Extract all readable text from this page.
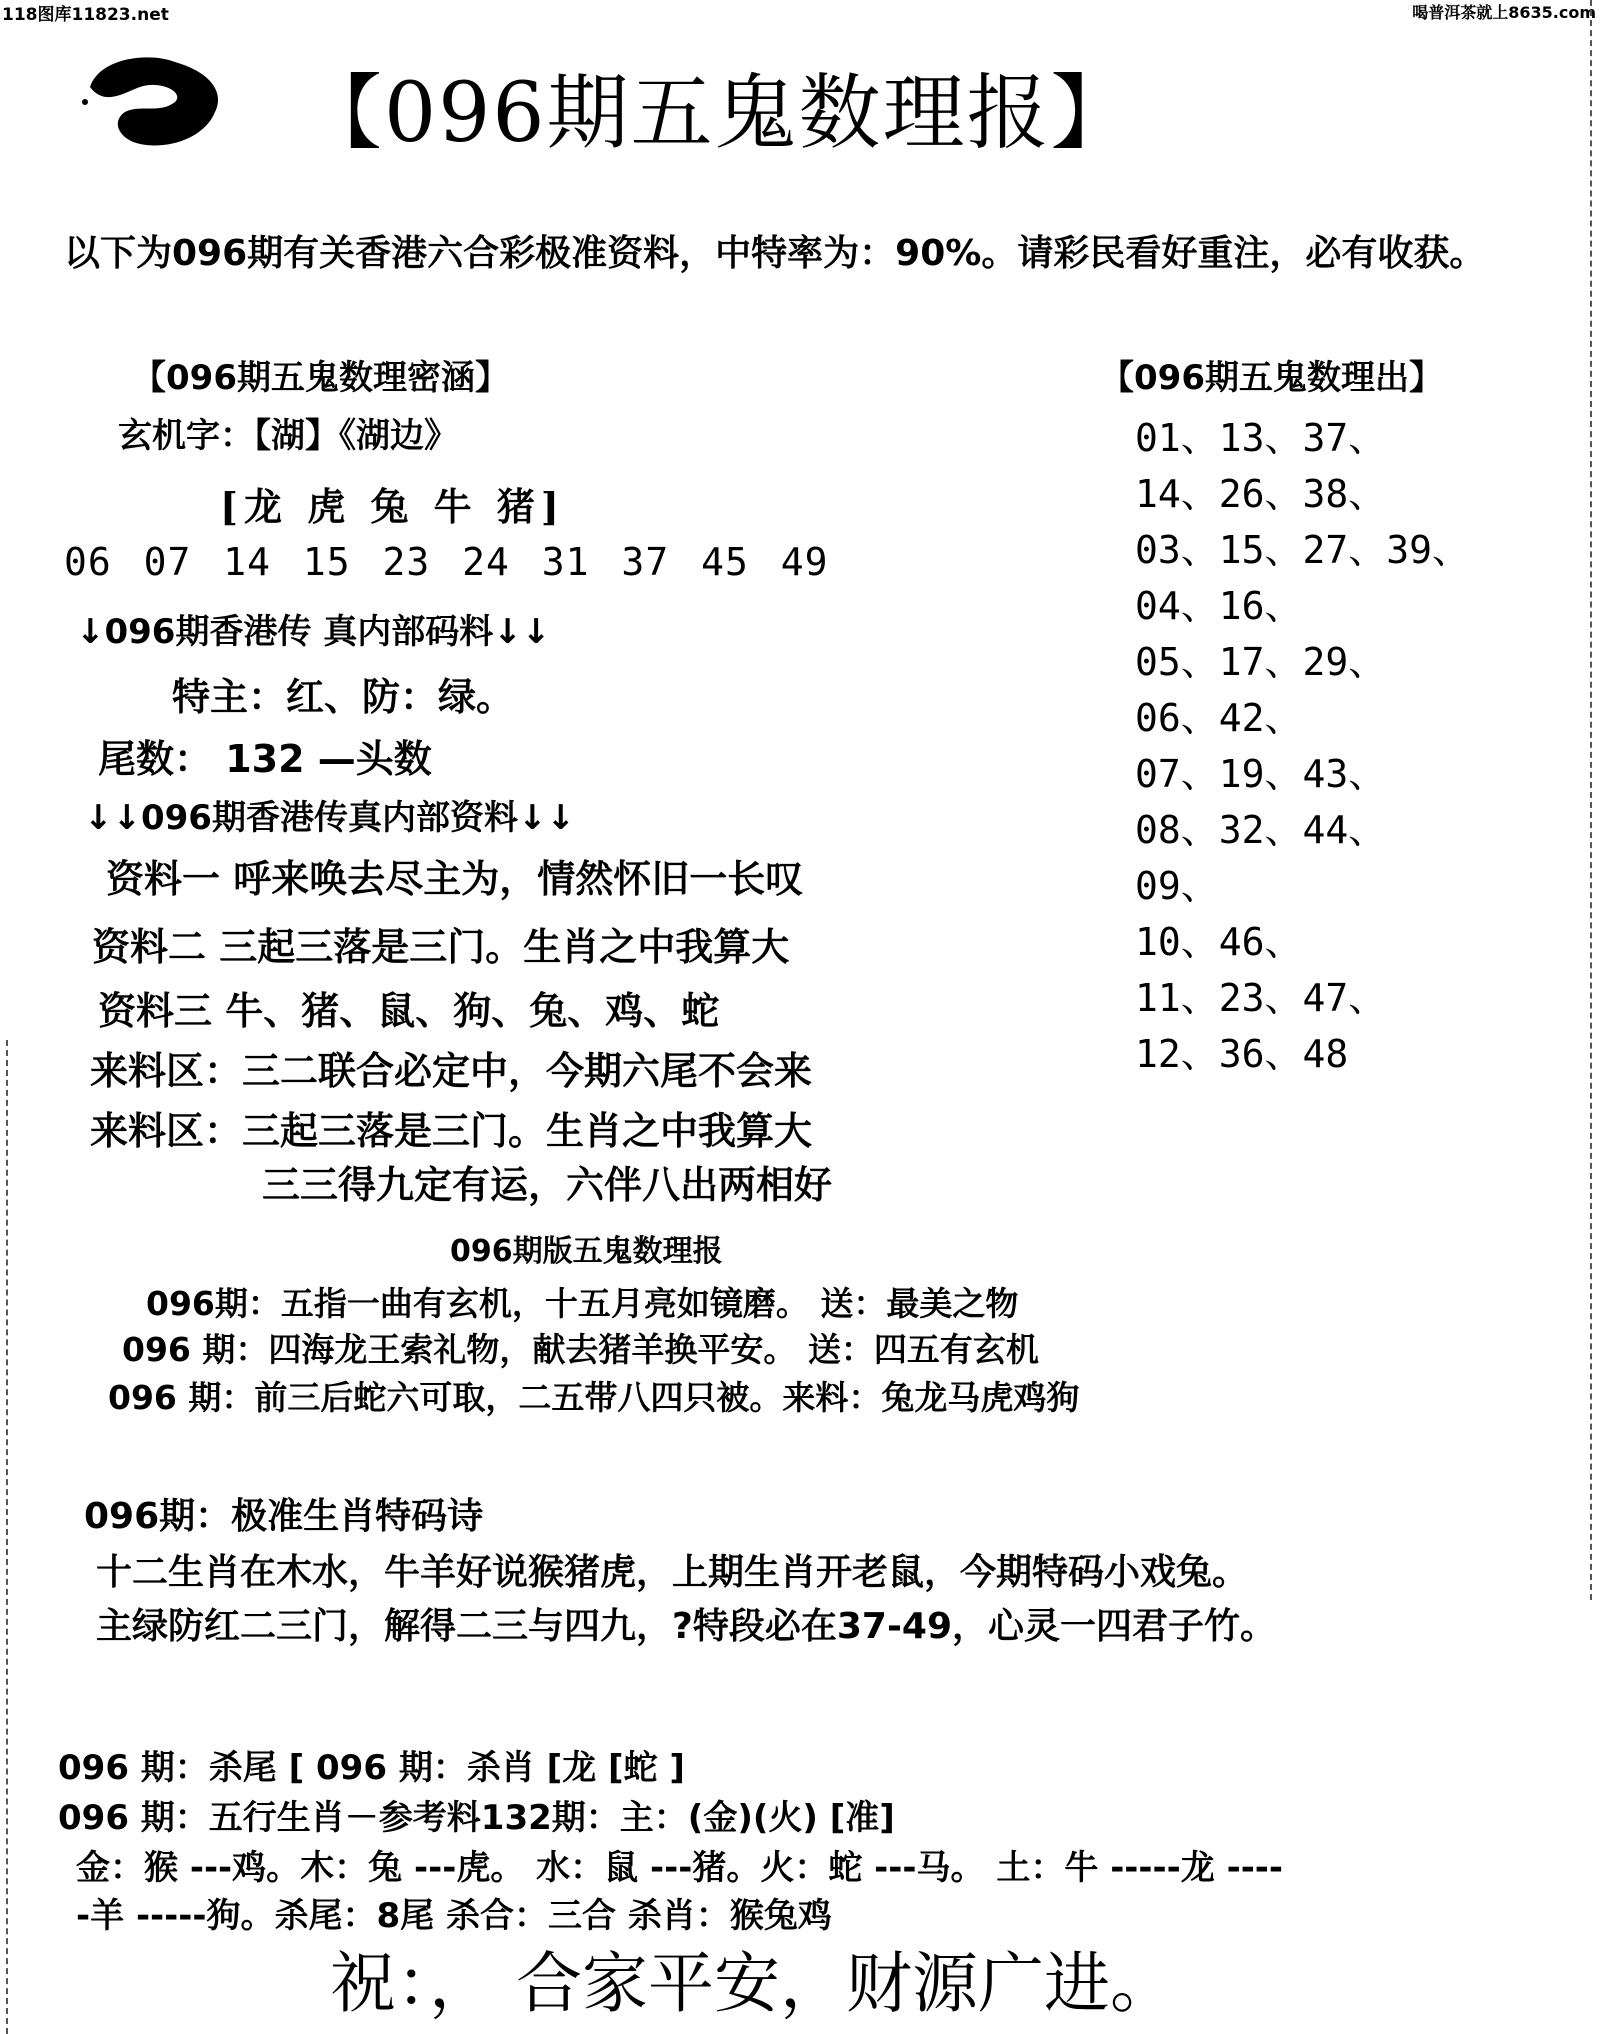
118图库11823.net	喝普洱茶就上8635.com
【096期五鬼数理报】
以下为096期有关香港六合彩极准资料，中特率为：90%。请彩民看好重注，必有收获。
【096期五鬼数理密涵】
玄机字：【湖】《湖边》
[龙 虎 兔 牛 猪]
06 07 14 15 23 24 31 37 45 49
↓096期香港传 真内部码料↓↓
特主：红、防：绿。
尾数： 132 —头数
↓↓096期香港传真内部资料↓↓
资料一 呼来唤去尽主为，情然怀旧一长叹
资料二 三起三落是三门。生肖之中我算大
资料三 牛、猪、鼠、狗、兔、鸡、蛇
来料区：三二联合必定中，今期六尾不会来
来料区：三起三落是三门。生肖之中我算大
三三得九定有运，六伴八出两相好
【096期五鬼数理出】
01、13、37、
14、26、38、
03、15、27、39、
04、16、
05、17、29、
06、42、
07、19、43、
08、32、44、
09、
10、46、
11、23、47、
12、36、48
096期版五鬼数理报
096期：五指一曲有玄机，十五月亮如镜磨。 送：最美之物
096 期：四海龙王索礼物，献去猪羊换平安。 送：四五有玄机
096 期：前三后蛇六可取，二五带八四只被。来料：兔龙马虎鸡狗
096期：极准生肖特码诗
十二生肖在木水，牛羊好说猴猪虎，上期生肖开老鼠，今期特码小戏兔。
主绿防红二三门，解得二三与四九，?特段必在37-49，心灵一四君子竹。
096 期：杀尾 [ 096 期：杀肖 [龙 [蛇 ]
096 期：五行生肖－参考料132期：主：(金)(火) [准]
金：猴 ---鸡。木：兔 ---虎。 水：鼠 ---猪。火：蛇 ---马。 土：牛 -----龙 ----
-羊 -----狗。杀尾：8尾 杀合：三合 杀肖：猴兔鸡
祝：， 合家平安，财源广进。
